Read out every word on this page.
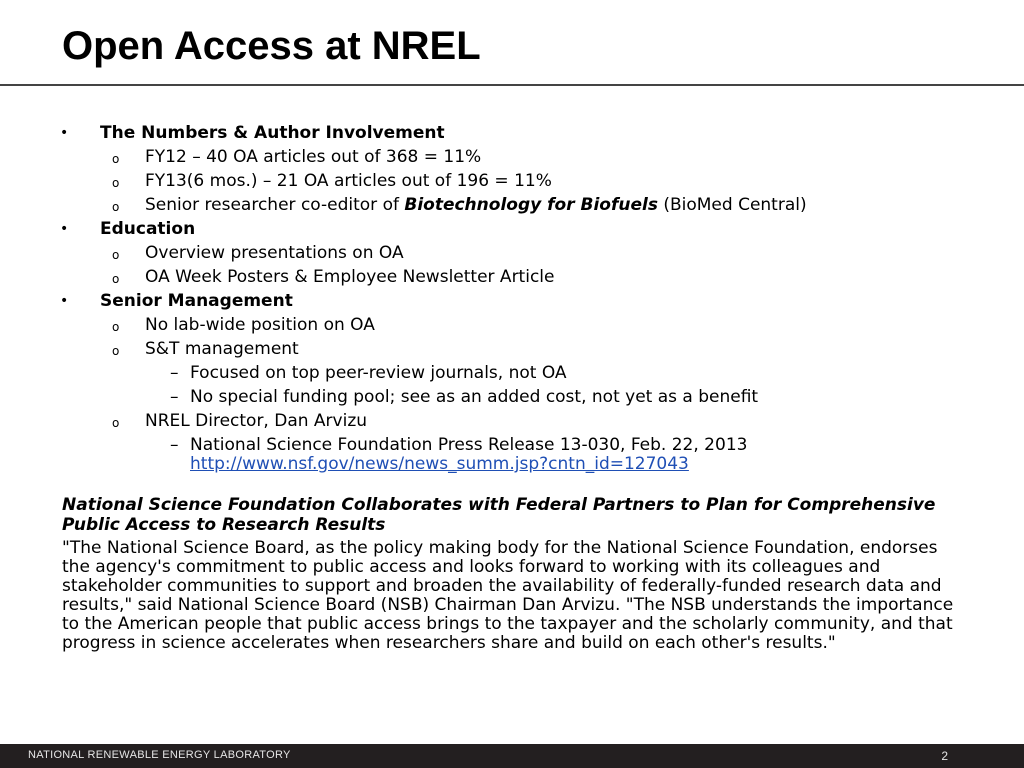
Open Access at NREL
• The Numbers & Author Involvement
o FY12 – 40 OA articles out of 368 = 11%
o FY13(6 mos.) – 21 OA articles out of 196 = 11%
o Senior researcher co-editor of Biotechnology for Biofuels (BioMed Central)
• Education
o Overview presentations on OA
o OA Week Posters & Employee Newsletter Article
• Senior Management
o No lab-wide position on OA
o S&T management
– Focused on top peer-review journals, not OA
– No special funding pool; see as an added cost, not yet as a benefit
o NREL Director, Dan Arvizu
– National Science Foundation Press Release 13-030, Feb. 22, 2013
http://www.nsf.gov/news/news_summ.jsp?cntn_id=127043
National Science Foundation Collaborates with Federal Partners to Plan for Comprehensive Public Access to Research Results
"The National Science Board, as the policy making body for the National Science Foundation, endorses the agency's commitment to public access and looks forward to working with its colleagues and stakeholder communities to support and broaden the availability of federally-funded research data and results," said National Science Board (NSB) Chairman Dan Arvizu. "The NSB understands the importance to the American people that public access brings to the taxpayer and the scholarly community, and that progress in science accelerates when researchers share and build on each other's results."
NATIONAL RENEWABLE ENERGY LABORATORY	2
